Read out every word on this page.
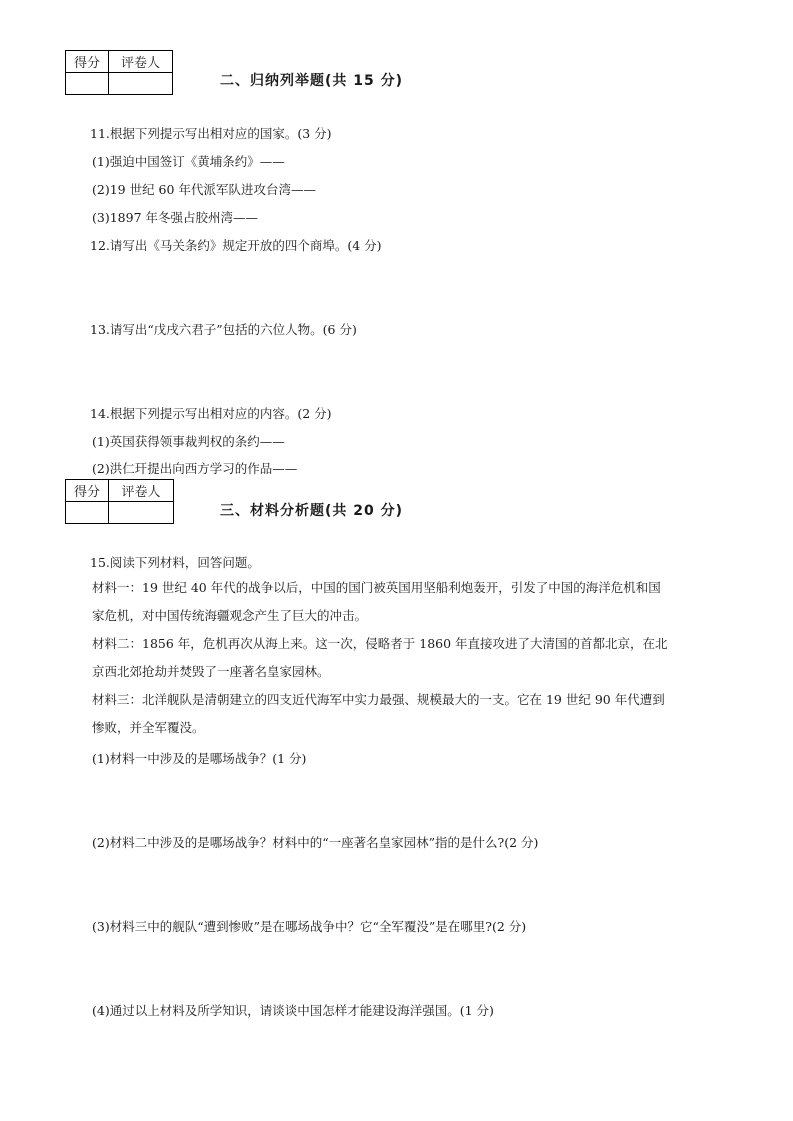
得分	评卷人

二、归纳列举题(共 15 分)
11.根据下列提示写出相对应的国家。(3 分)
(1)强迫中国签订《黄埔条约》——
(2)19 世纪 60 年代派军队进攻台湾——
(3)1897 年冬强占胶州湾——
12.请写出《马关条约》规定开放的四个商埠。(4 分)
13.请写出“戊戌六君子”包括的六位人物。(6 分)
14.根据下列提示写出相对应的内容。(2 分)
(1)英国获得领事裁判权的条约——
(2)洪仁玕提出向西方学习的作品——
得分	评卷人

三、材料分析题(共 20 分)
15.阅读下列材料，回答问题。
材料一：19 世纪 40 年代的战争以后，中国的国门被英国用坚船利炮轰开，引发了中国的海洋危机和国
家危机，对中国传统海疆观念产生了巨大的冲击。
材料二：1856 年，危机再次从海上来。这一次，侵略者于 1860 年直接攻进了大清国的首都北京，在北
京西北郊抢劫并焚毁了一座著名皇家园林。
材料三：北洋舰队是清朝建立的四支近代海军中实力最强、规模最大的一支。它在 19 世纪 90 年代遭到
惨败，并全军覆没。
(1)材料一中涉及的是哪场战争？(1 分)
(2)材料二中涉及的是哪场战争？材料中的“一座著名皇家园林”指的是什么?(2 分)
(3)材料三中的舰队“遭到惨败”是在哪场战争中？它“全军覆没”是在哪里?(2 分)
(4)通过以上材料及所学知识，请谈谈中国怎样才能建设海洋强国。(1 分)
